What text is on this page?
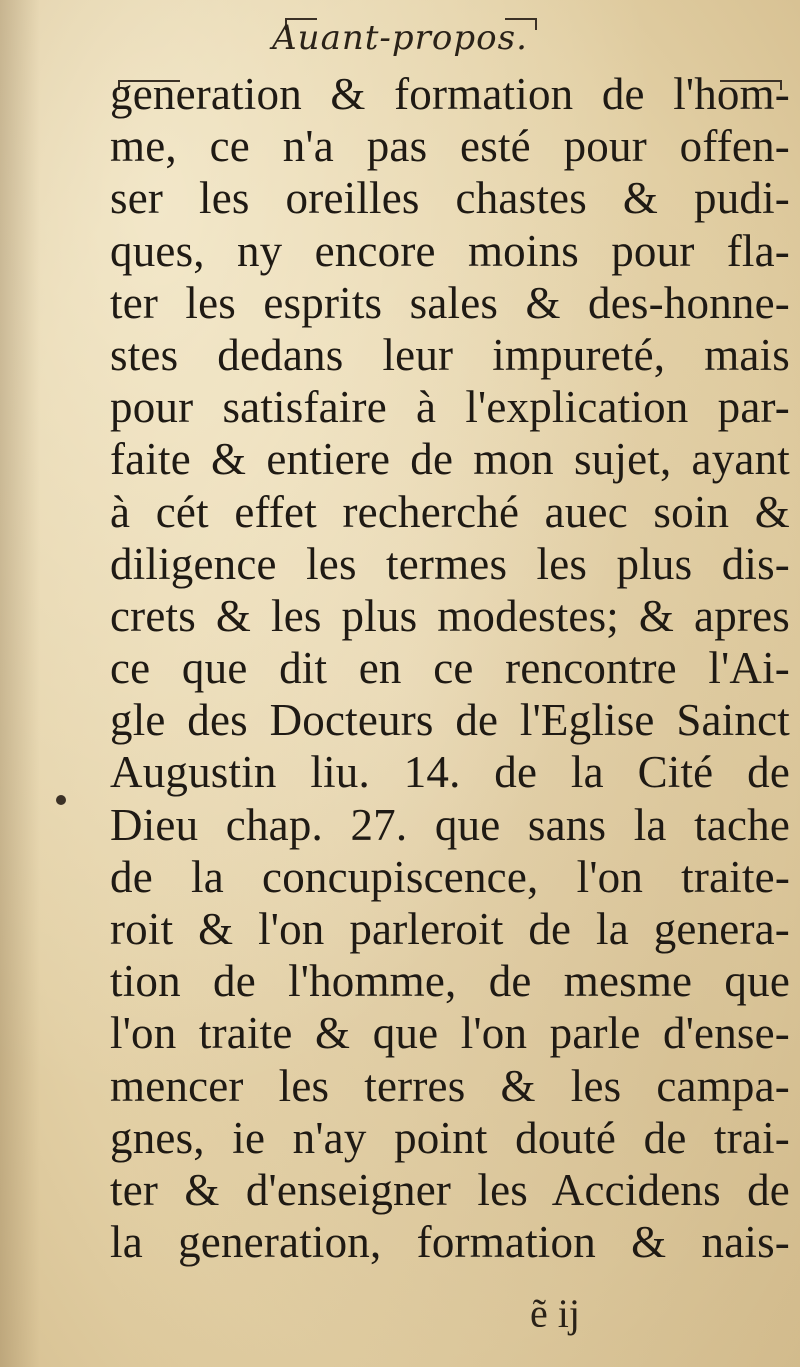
Auant-propos.
generation & formation de l'hom-
me, ce n'a pas esté pour offen-
ser les oreilles chastes & pudi-
ques, ny encore moins pour fla-
ter les esprits sales & des-honne-
stes dedans leur impureté, mais
pour satisfaire à l'explication par-
faite & entiere de mon sujet, ayant
à cét effet recherché auec soin &
diligence les termes les plus dis-
crets & les plus modestes; & apres
ce que dit en ce rencontre l'Ai-
gle des Docteurs de l'Eglise Sainct
Augustin liu. 14. de la Cité de
Dieu chap. 27. que sans la tache
de la concupiscence, l'on traite-
roit & l'on parleroit de la genera-
tion de l'homme, de mesme que
l'on traite & que l'on parle d'ense-
mencer les terres & les campa-
gnes, ie n'ay point douté de trai-
ter & d'enseigner les Accidens de
la generation, formation & nais-
ẽ ij
